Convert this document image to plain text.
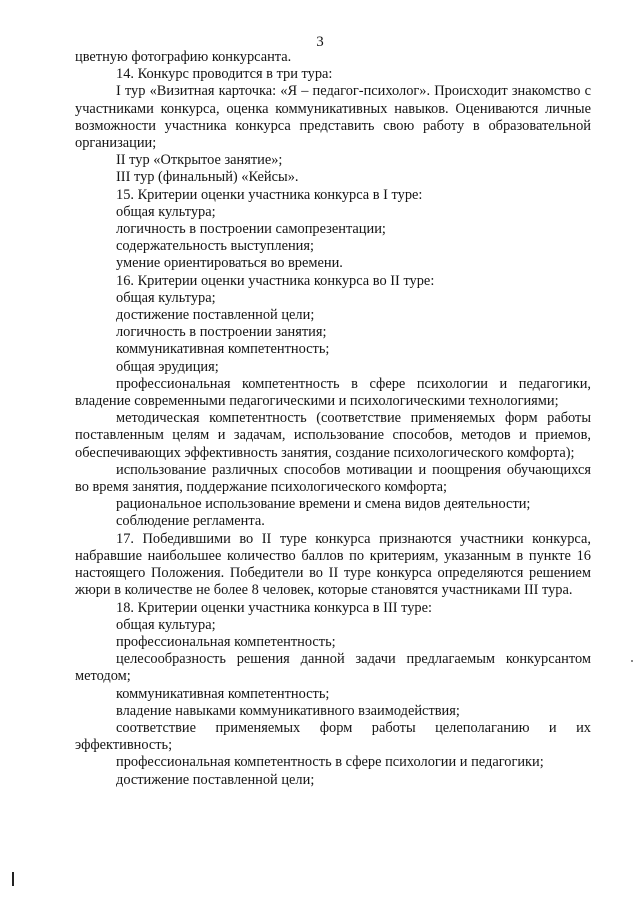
3

цветную фотографию конкурсанта.

14. Конкурс проводится в три тура:

I тур «Визитная карточка: «Я – педагог-психолог». Происходит знакомство с участниками конкурса, оценка коммуникативных навыков. Оцениваются личные возможности участника конкурса представить свою работу в образовательной организации;

II тур «Открытое занятие»;

III тур (финальный) «Кейсы».

15. Критерии оценки участника конкурса в I туре:

общая культура;

логичность в построении самопрезентации;

содержательность выступления;

умение ориентироваться во времени.

16. Критерии оценки участника конкурса во II туре:

общая культура;

достижение поставленной цели;

логичность в построении занятия;

коммуникативная компетентность;

общая эрудиция;

профессиональная компетентность в сфере психологии и педагогики, владение современными педагогическими и психологическими технологиями;

методическая компетентность (соответствие применяемых форм работы поставленным целям и задачам, использование способов, методов и приемов, обеспечивающих эффективность занятия, создание психологического комфорта);

использование различных способов мотивации и поощрения обучающихся во время занятия, поддержание психологического комфорта;

рациональное использование времени и смена видов деятельности;

соблюдение регламента.

17. Победившими во II туре конкурса признаются участники конкурса, набравшие наибольшее количество баллов по критериям, указанным в пункте 16 настоящего Положения. Победители во II туре конкурса определяются решением жюри в количестве не более 8 человек, которые становятся участниками III тура.

18. Критерии оценки участника конкурса в III туре:

общая культура;

профессиональная компетентность;

целесообразность решения данной задачи предлагаемым конкурсантом методом;

коммуникативная компетентность;

владение навыками коммуникативного взаимодействия;

соответствие применяемых форм работы целеполаганию и их эффективность;

профессиональная компетентность в сфере психологии и педагогики;

достижение поставленной цели;
